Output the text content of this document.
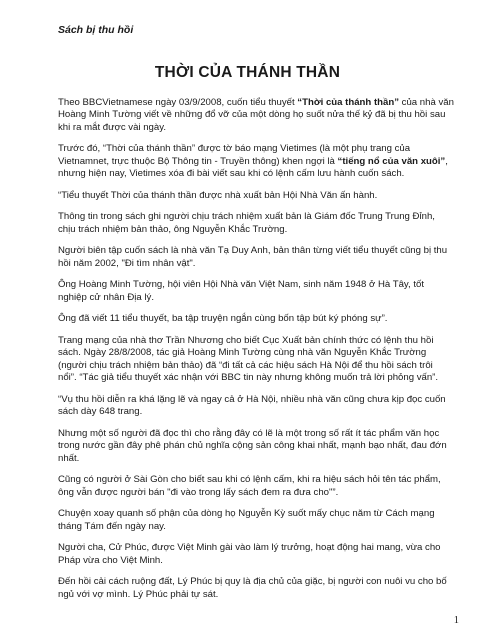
Sách bị thu hồi
THỜI CỦA THÁNH THẦN

Theo BBCVietnamese ngày 03/9/2008, cuốn tiểu thuyết “Thời của thánh thần” của nhà văn Hoàng Minh Tường viết về những đổ vỡ của một dòng họ suốt nửa thế kỷ đã bị thu hồi sau khi ra mắt được vài ngày.

Trước đó, “Thời của thánh thần” được tờ báo mạng Vietimes (là một phụ trang của Vietnamnet, trực thuộc Bộ Thông tin - Truyền thông) khen ngợi là “tiếng nổ của văn xuôi”, nhưng hiện nay, Vietimes xóa đi bài viết sau khi có lệnh cấm lưu hành cuốn sách.

“Tiểu thuyết Thời của thánh thần được nhà xuất bản Hội Nhà Văn ấn hành.

Thông tin trong sách ghi người chịu trách nhiệm xuất bản là Giám đốc Trung Trung Đỉnh, chịu trách nhiệm bản thảo, ông Nguyễn Khắc Trường.

Người biên tập cuốn sách là nhà văn Tạ Duy Anh, bản thân từng viết tiểu thuyết cũng bị thu hồi năm 2002, "Đi tìm nhân vật".

Ông Hoàng Minh Tường, hội viên Hội Nhà văn Việt Nam, sinh năm 1948 ở Hà Tây, tốt nghiệp cử nhân Địa lý.

Ông đã viết 11 tiểu thuyết, ba tập truyện ngắn cùng bốn tập bút ký phóng sự”.

Trang mạng của nhà thơ Trần Nhương cho biết Cục Xuất bản chính thức có lệnh thu hồi sách. Ngày 28/8/2008, tác giả Hoàng Minh Tường cùng nhà văn Nguyễn Khắc Trường (người chịu trách nhiệm bản thảo) đã “đi tất cả các hiệu sách Hà Nội để thu hồi sách trôi nổi”. “Tác giả tiểu thuyết xác nhận với BBC tin này nhưng không muốn trả lời phỏng vấn”.

“Vụ thu hồi diễn ra khá lặng lẽ và ngay cả ở Hà Nội, nhiều nhà văn cũng chưa kịp đọc cuốn sách dày 648 trang.

Nhưng một số người đã đọc thì cho rằng đây có lẽ là một trong số rất ít tác phẩm văn học trong nước gần đây phê phán chủ nghĩa cộng sản công khai nhất, mạnh bạo nhất, đau đớn nhất.

Cũng có người ở Sài Gòn cho biết sau khi có lệnh cấm, khi ra hiệu sách hỏi tên tác phẩm, ông vẫn được người bán "đi vào trong lấy sách đem ra đưa cho"”.

Chuyện xoay quanh số phận của dòng họ Nguyễn Kỳ suốt mấy chục năm từ Cách mạng tháng Tám đến ngày nay.

Người cha, Cử Phúc, được Việt Minh gài vào làm lý trưởng, hoạt động hai mang, vừa cho Pháp vừa cho Việt Minh.

Đến hồi cải cách ruộng đất, Lý Phúc bị quy là địa chủ của giặc, bị người con nuôi vu cho bố ngủ với vợ mình. Lý Phúc phải tự sát.

1
